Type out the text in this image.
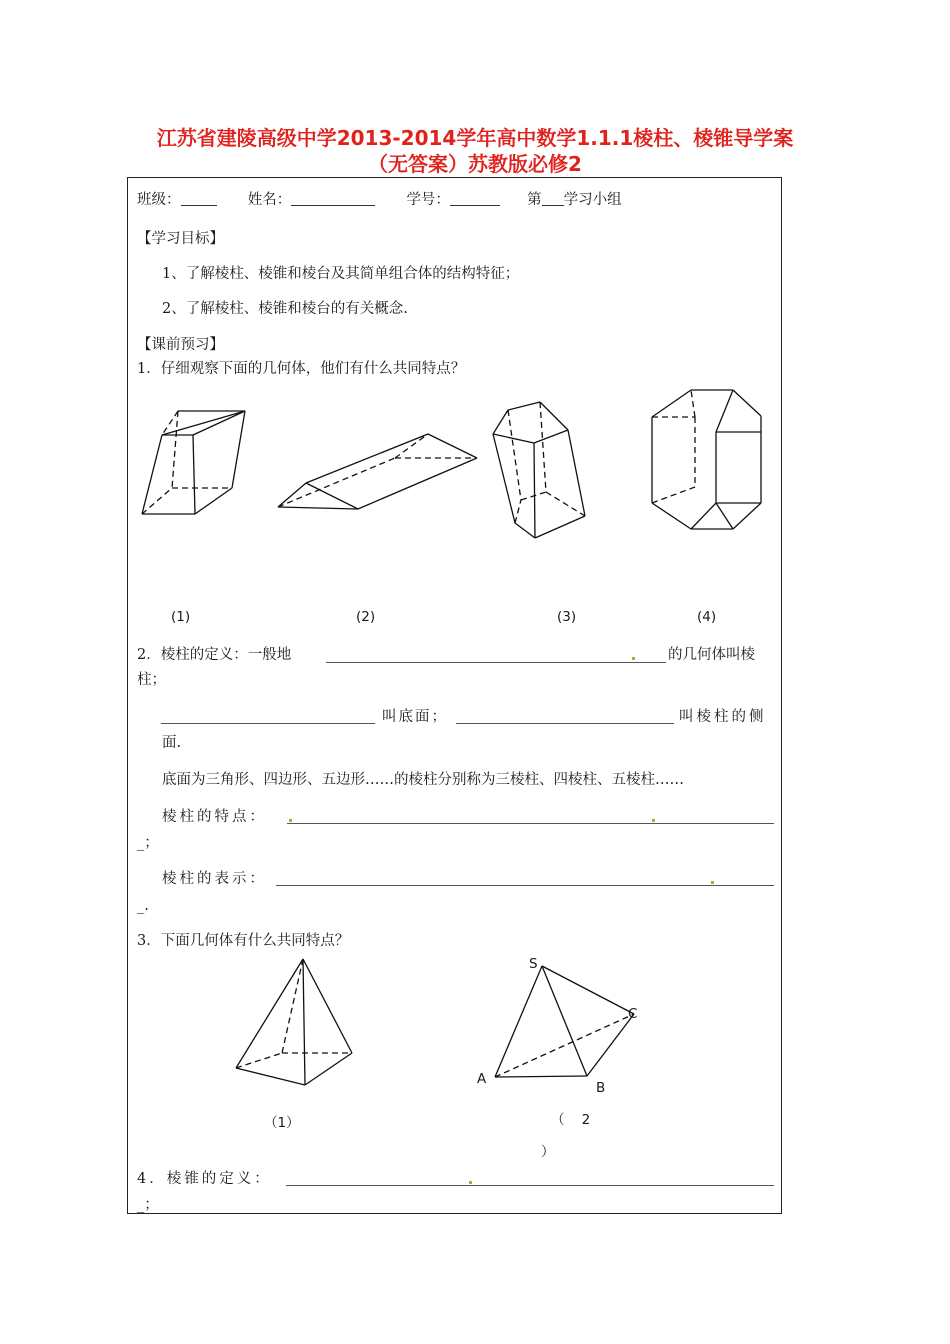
江苏省建陵高级中学2013-2014学年高中数学1.1.1棱柱、棱锥导学案
（无答案）苏教版必修2
班级：	姓名：	学号：	第 学习小组
【学习目标】
1、了解棱柱、棱锥和棱台及其简单组合体的结构特征；
2、了解棱柱、棱锥和棱台的有关概念.
【课前预习】
1．仔细观察下面的几何体，他们有什么共同特点？
(1)	(2)	(3)	(4)
2．棱柱的定义：一般地	的几何体叫棱
柱；
叫底面；	叫棱柱的侧
面.
底面为三角形、四边形、五边形……的棱柱分别称为三棱柱、四棱柱、五棱柱……
棱柱的特点：
_；
棱柱的表示：
_.
3．下面几何体有什么共同特点？
S
C
A
B
（1）	（    2
）
4．棱锥的定义：
_；
